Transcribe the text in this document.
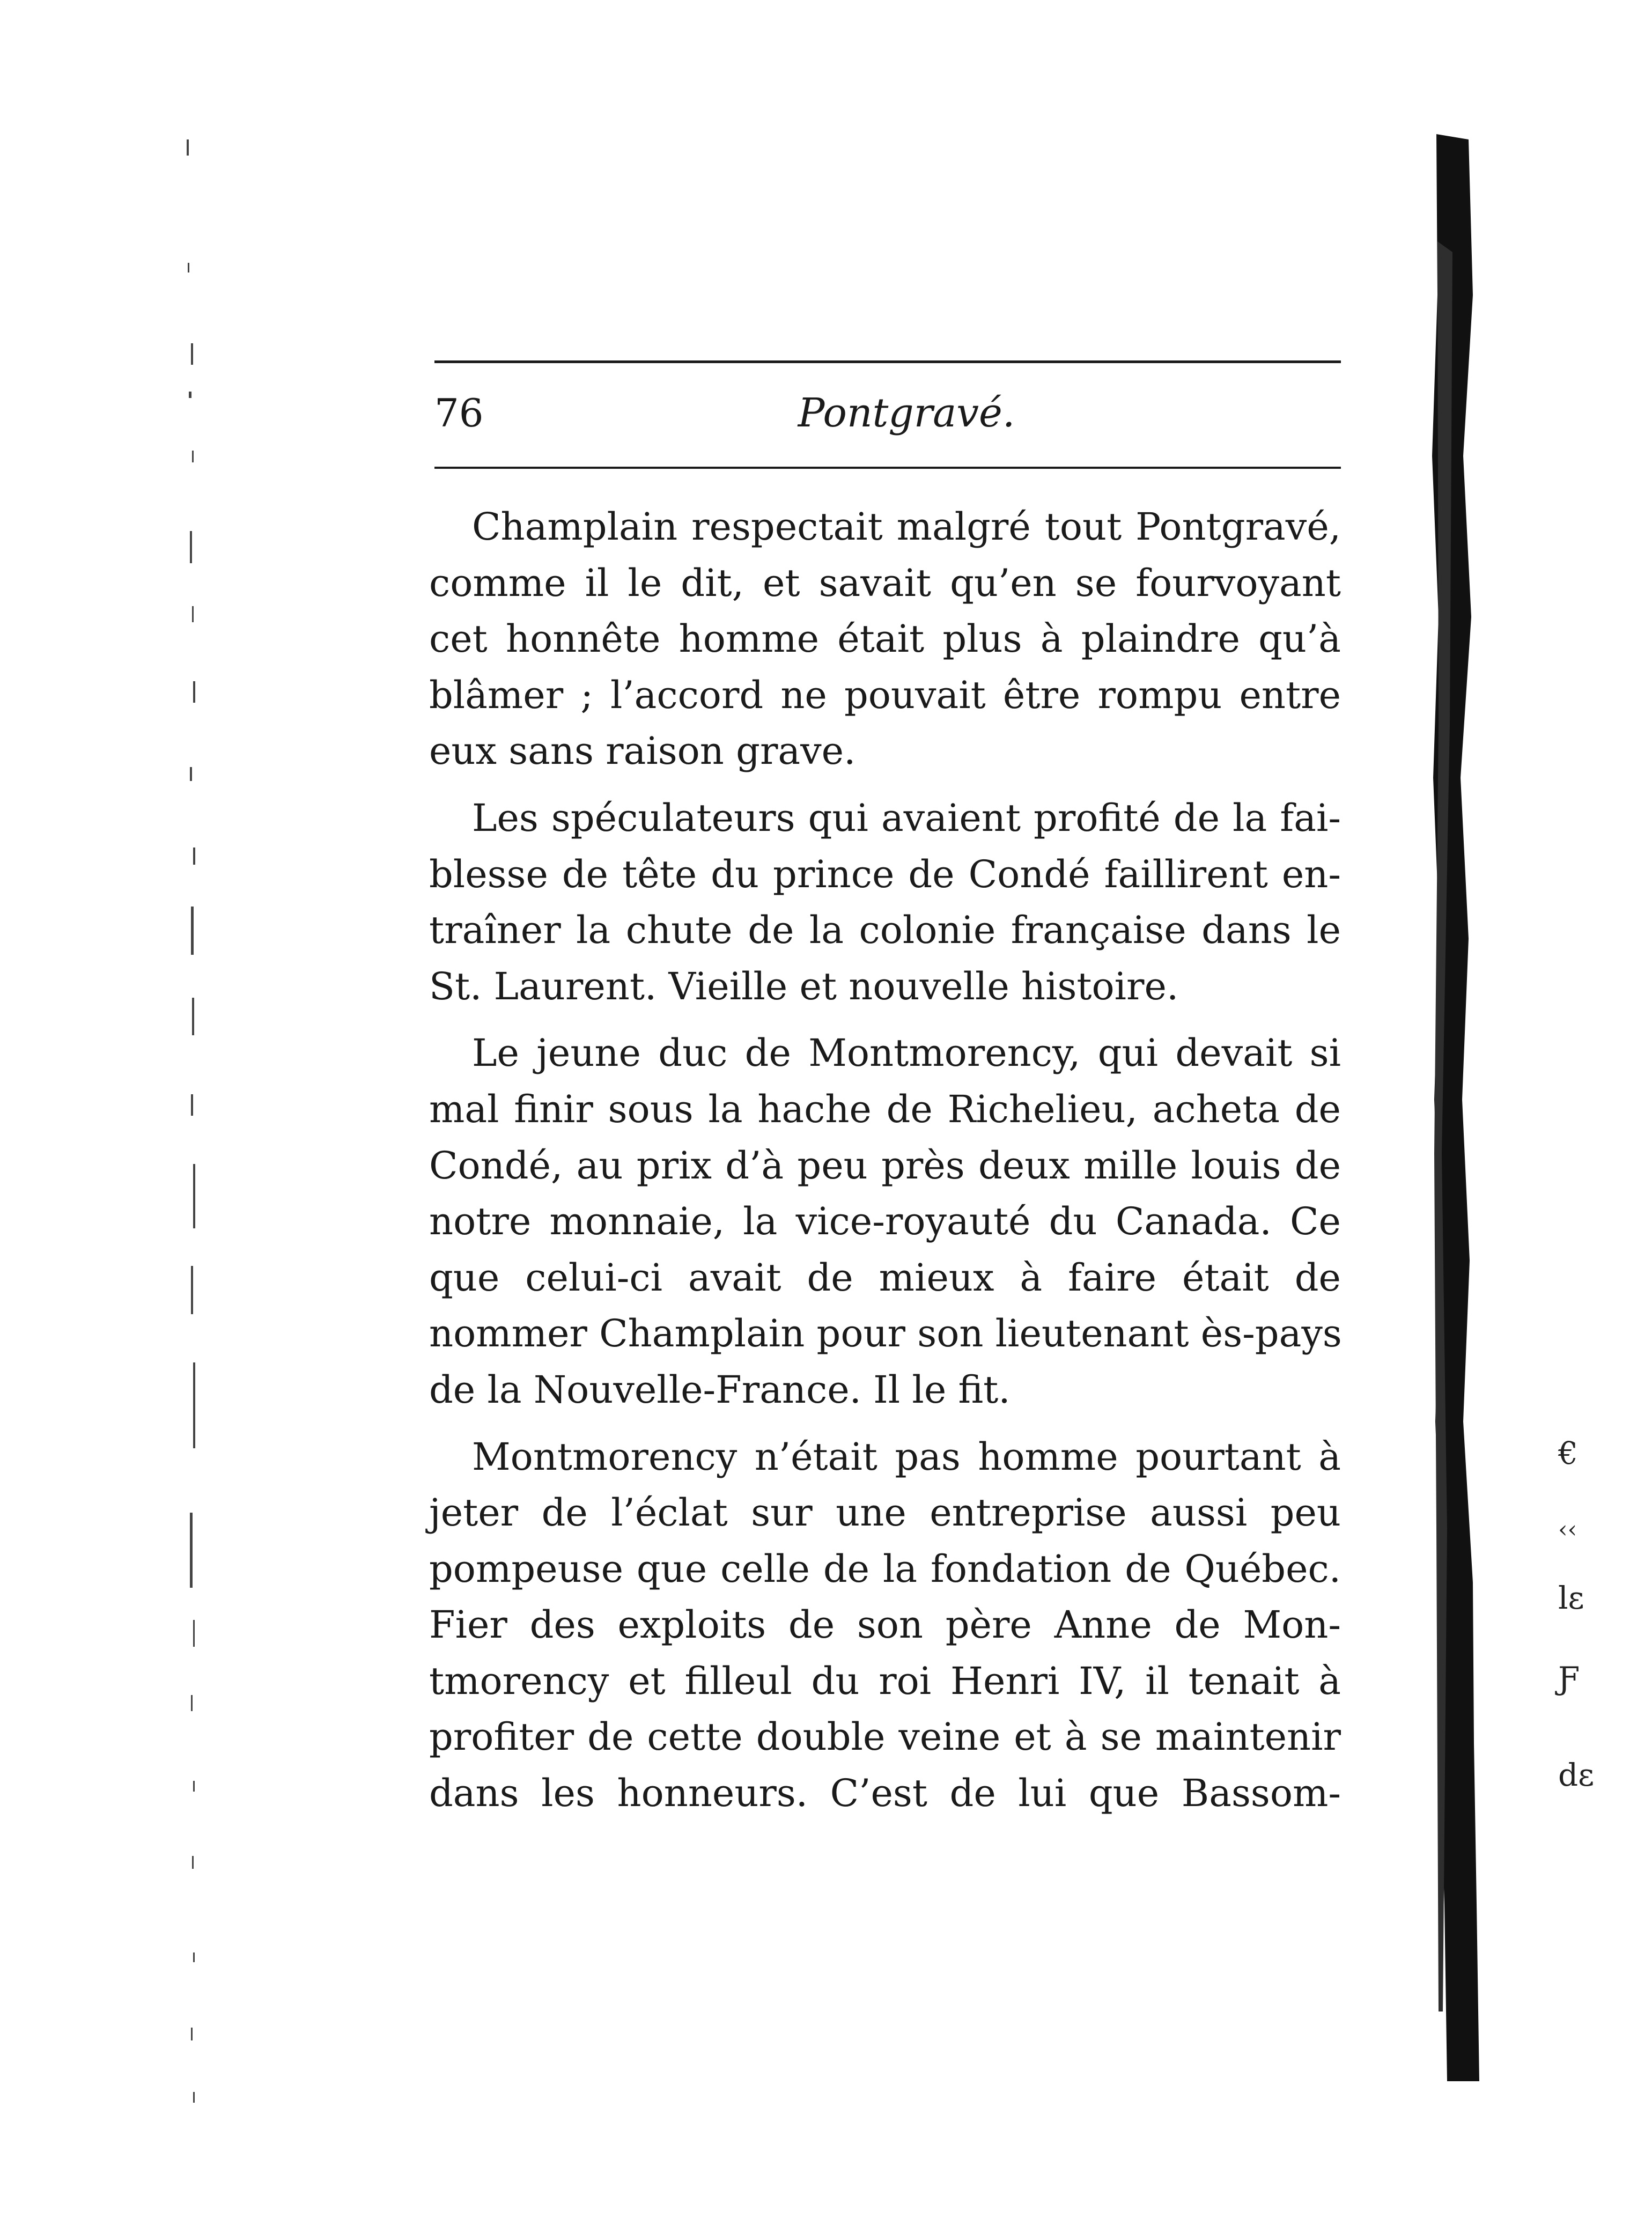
€
‹‹
lɛ
Ƒ
dɛ
76	Pontgravé.
Champlain respectait malgré tout Pontgravé,
comme il le dit, et savait qu’en se fourvoyant
cet honnête homme était plus à plaindre qu’à
blâmer ; l’accord ne pouvait être rompu entre
eux sans raison grave.
Les spéculateurs qui avaient profité de la fai-
blesse de tête du prince de Condé faillirent en-
traîner la chute de la colonie française dans le
St. Laurent. Vieille et nouvelle histoire.
Le jeune duc de Montmorency, qui devait si
mal finir sous la hache de Richelieu, acheta de
Condé, au prix d’à peu près deux mille louis de
notre monnaie, la vice-royauté du Canada. Ce
que celui-ci avait de mieux à faire était de
nommer Champlain pour son lieutenant ès-pays
de la Nouvelle-France. Il le fit.
Montmorency n’était pas homme pourtant à
jeter de l’éclat sur une entreprise aussi peu
pompeuse que celle de la fondation de Québec.
Fier des exploits de son père Anne de Mon-
tmorency et filleul du roi Henri IV, il tenait à
profiter de cette double veine et à se maintenir
dans les honneurs. C’est de lui que Bassom-
